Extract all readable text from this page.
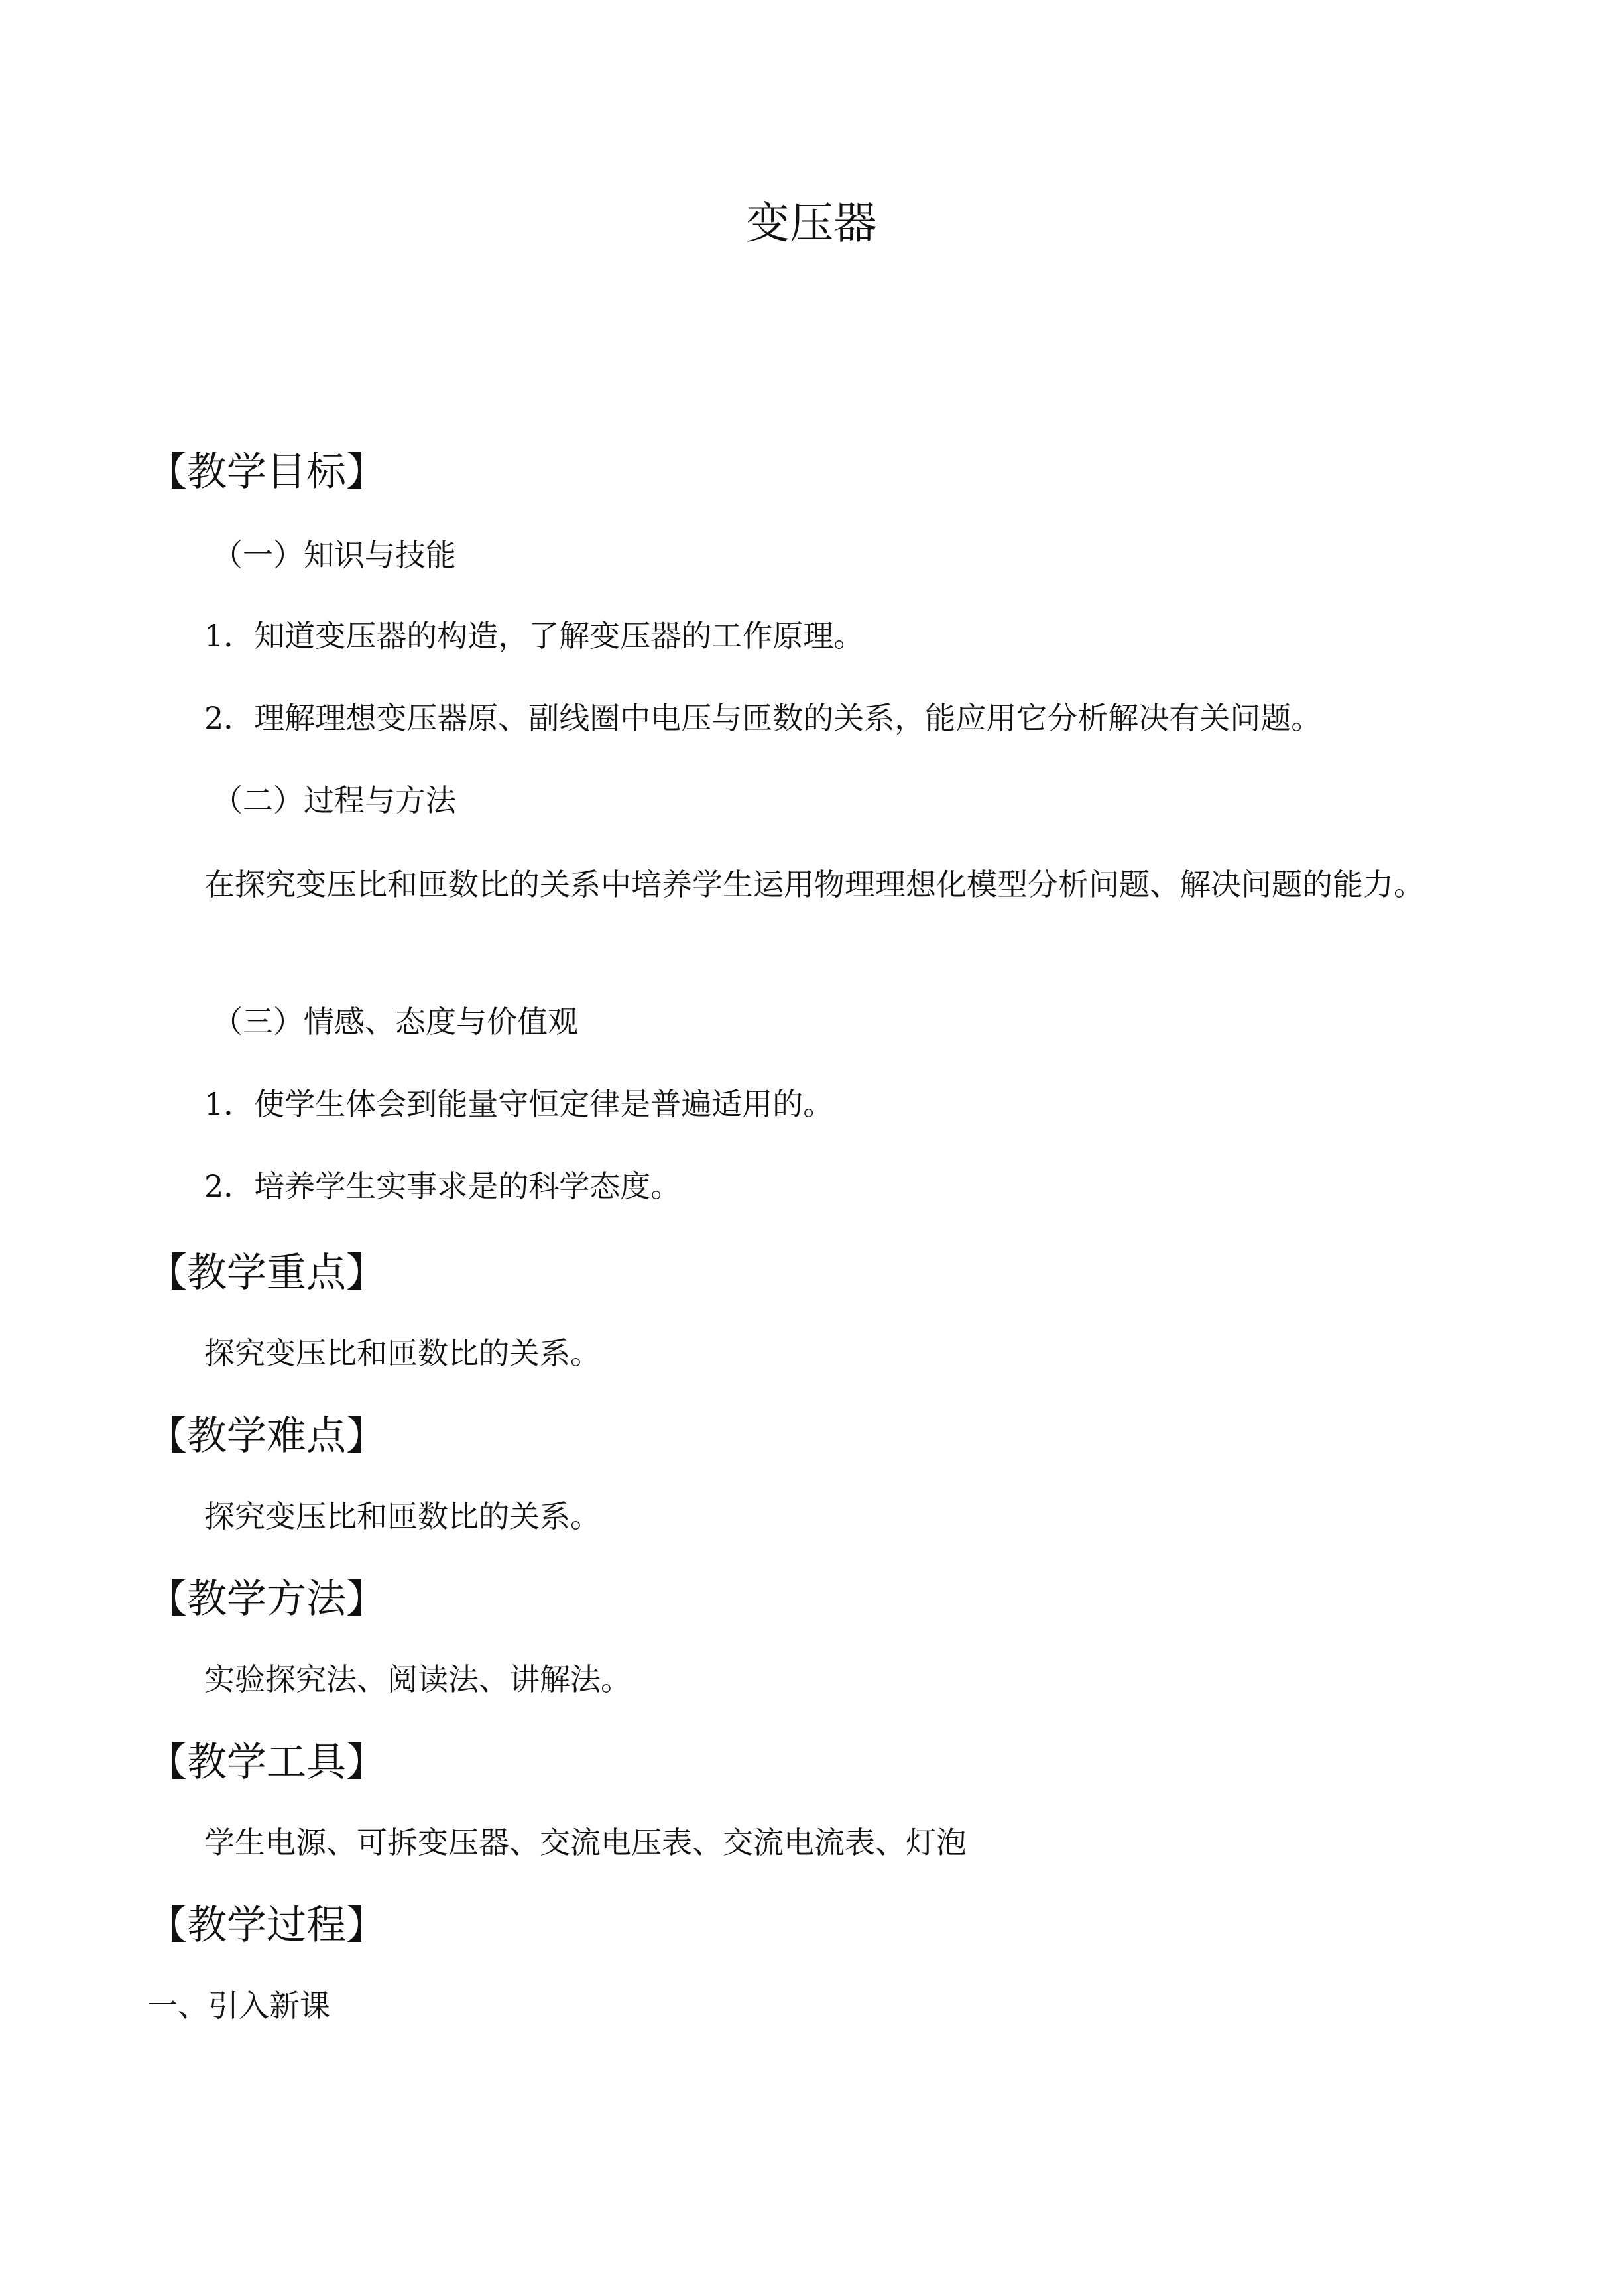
变压器
【教学目标】
（一）知识与技能
1．知道变压器的构造，了解变压器的工作原理。
2．理解理想变压器原、副线圈中电压与匝数的关系，能应用它分析解决有关问题。
（二）过程与方法
在探究变压比和匝数比的关系中培养学生运用物理理想化模型分析问题、解决问题的能力。
（三）情感、态度与价值观
1．使学生体会到能量守恒定律是普遍适用的。
2．培养学生实事求是的科学态度。
【教学重点】
探究变压比和匝数比的关系。
【教学难点】
探究变压比和匝数比的关系。
【教学方法】
实验探究法、阅读法、讲解法。
【教学工具】
学生电源、可拆变压器、交流电压表、交流电流表、灯泡
【教学过程】
一、引入新课
